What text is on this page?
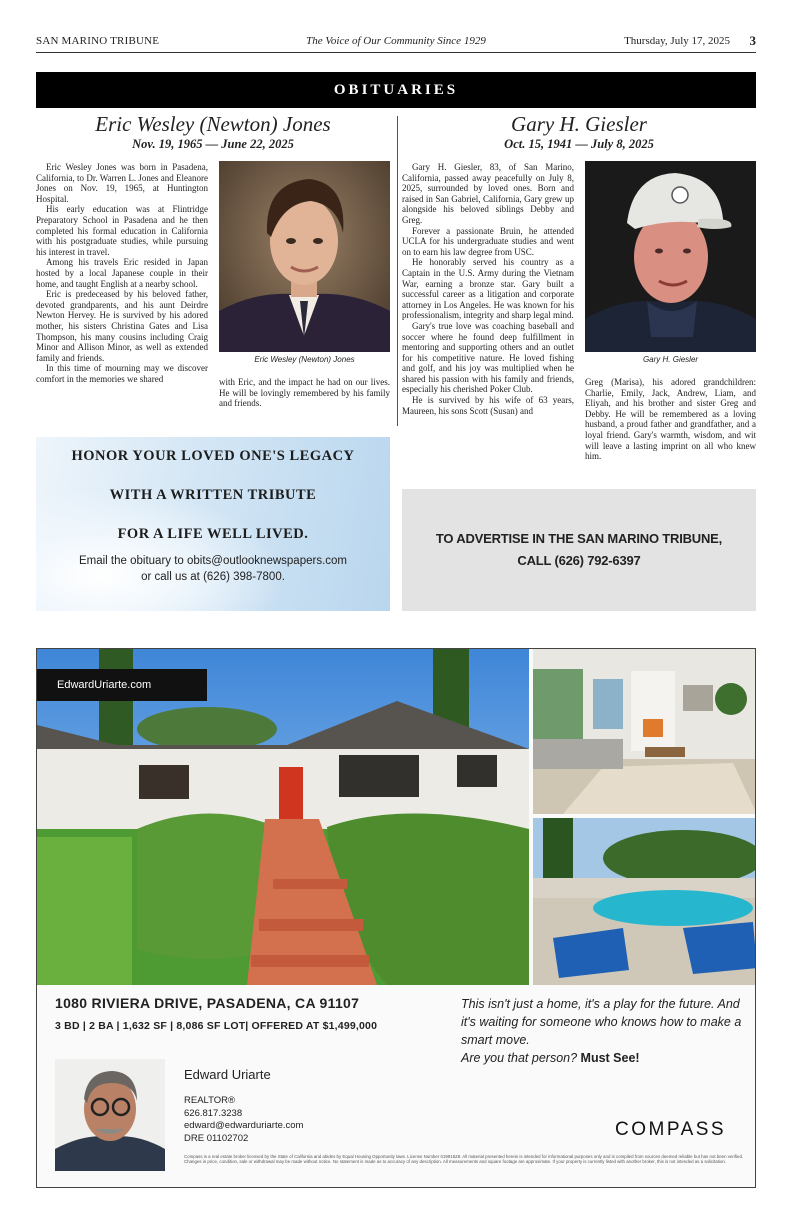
SAN MARINO TRIBUNE	The Voice of Our Community Since 1929	Thursday, July 17, 2025 3
OBITUARIES
Eric Wesley (Newton) Jones
Nov. 19, 1965 — June 22, 2025

Eric Wesley Jones was born in Pasadena, California, to Dr. Warren L. Jones and Eleanore Jones on Nov. 19, 1965, at Huntington Hospital.

His early education was at Flintridge Preparatory School in Pasadena and he then completed his formal education in California with his postgraduate studies, while pursuing his interest in travel.

Among his travels Eric resided in Japan hosted by a local Japanese couple in their home, and taught English at a nearby school.

Eric is predeceased by his beloved father, devoted grandparents, and his aunt Deirdre Newton Hervey. He is survived by his adored mother, his sisters Christina Gates and Lisa Thompson, his many cousins including Craig Minor and Allison Minor, as well as extended family and friends.

In this time of mourning may we discover comfort in the memories we shared

Eric Wesley (Newton) Jones

with Eric, and the impact he had on our lives. He will be lovingly remembered by his family and friends.

Gary H. Giesler
Oct. 15, 1941 — July 8, 2025

Gary H. Giesler, 83, of San Marino, California, passed away peacefully on July 8, 2025, surrounded by loved ones. Born and raised in San Gabriel, California, Gary grew up alongside his beloved siblings Debby and Greg.

Forever a passionate Bruin, he attended UCLA for his undergraduate studies and went on to earn his law degree from USC.

He honorably served his country as a Captain in the U.S. Army during the Vietnam War, earning a bronze star. Gary built a successful career as a litigation and corporate attorney in Los Angeles. He was known for his professionalism, integrity and sharp legal mind.

Gary's true love was coaching baseball and soccer where he found deep fulfillment in mentoring and supporting others and an outlet for his competitive nature. He loved fishing and golf, and his joy was multiplied when he shared his passion with his family and friends, especially his cherished Poker Club.

He is survived by his wife of 63 years, Maureen, his sons Scott (Susan) and

Gary H. Giesler

Greg (Marisa), his adored grandchildren: Charlie, Emily, Jack, Andrew, Liam, and Eliyah, and his brother and sister Greg and Debby. He will be remembered as a loving husband, a proud father and grandfather, and a loyal friend. Gary's warmth, wisdom, and wit will leave a lasting imprint on all who knew him.

HONOR YOUR LOVED ONE'S LEGACY
WITH A WRITTEN TRIBUTE
FOR A LIFE WELL LIVED.
Email the obituary to obits@outlooknewspapers.com
or call us at (626) 398-7800.
TO ADVERTISE IN THE SAN MARINO TRIBUNE,
CALL (626) 792-6397
EdwardUriarte.com
1080 RIVIERA DRIVE, PASADENA, CA 91107
3 BD | 2 BA | 1,632 SF | 8,086 SF LOT| OFFERED AT $1,499,000
This isn't just a home, it's a play for the future. And it's waiting for someone who knows how to make a smart move.
Are you that person? Must See!
Edward Uriarte
REALTOR®
626.817.3238
edward@edwarduriarte.com
DRE 01102702	COMPASS
Compass is a real estate broker licensed by the State of California and abides by Equal Housing Opportunity laws. License Number 01991628. All material presented herein is intended for informational purposes only and is compiled from sources deemed reliable but has not been verified. Changes in price, condition, sale or withdrawal may be made without notice. No statement is made as to accuracy of any description. All measurements and square footage are approximate. If your property is currently listed with another broker, this is not intended as a solicitation.
